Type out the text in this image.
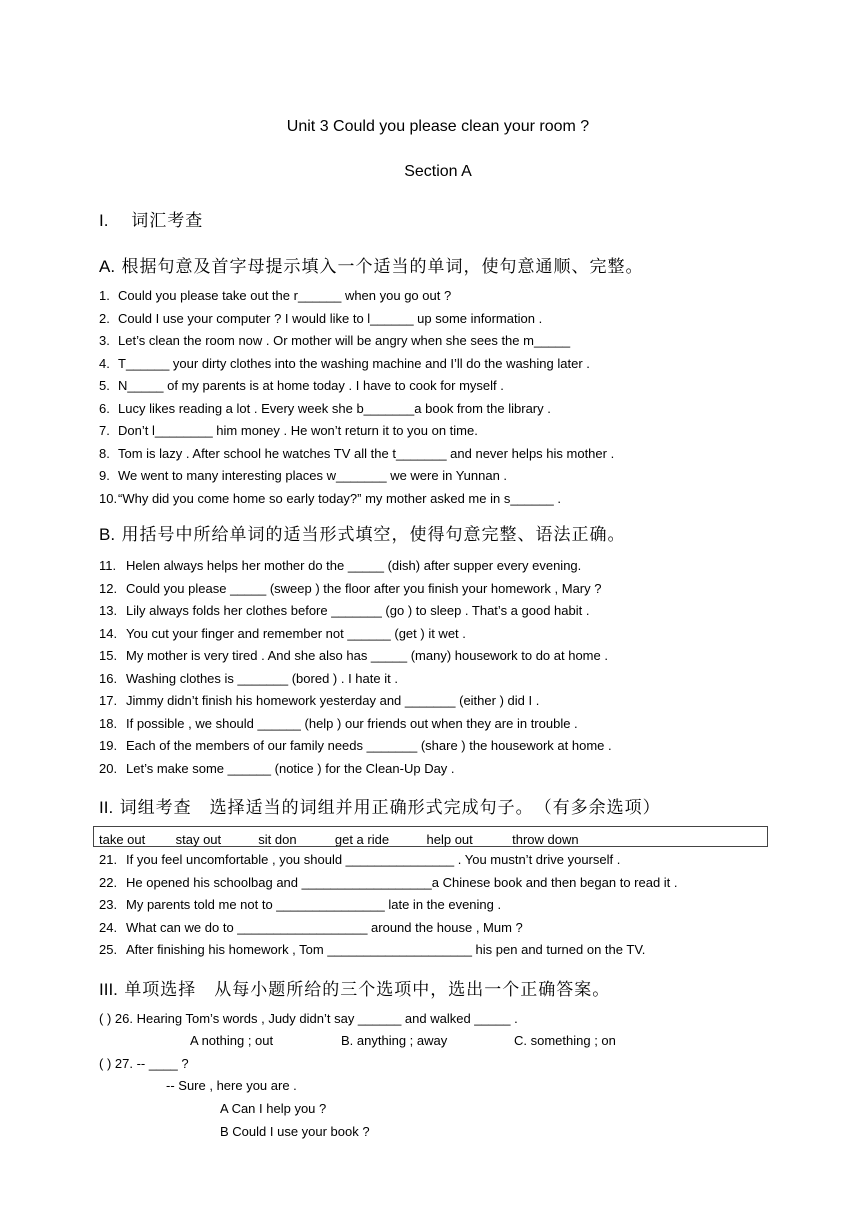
Unit 3 Could you please clean your room ?
Section A
I. 词汇考查
A. 根据句意及首字母提示填入一个适当的单词，使句意通顺、完整。
1. Could you please take out the r______ when you go out ?
2. Could I use your computer ? I would like to l______ up some information .
3. Let’s clean the room now . Or mother will be angry when she sees the m_____
4. T______ your dirty clothes into the washing machine and I’ll do the washing later .
5. N_____ of my parents is at home today . I have to cook for myself .
6. Lucy likes reading a lot . Every week she b_______a book from the library .
7. Don’t l________ him money . He won’t return it to you on time.
8. Tom is lazy . After school he watches TV all the t_______ and never helps his mother .
9. We went to many interesting places w_______ we were in Yunnan .
10.“Why did you come home so early today?” my mother asked me in s______ .
B. 用括号中所给单词的适当形式填空，使得句意完整、语法正确。
11. Helen always helps her mother do the _____ (dish) after supper every evening.
12. Could you please _____ (sweep ) the floor after you finish your homework , Mary ?
13. Lily always folds her clothes before _______ (go ) to sleep . That’s a good habit .
14. You cut your finger and remember not ______ (get ) it wet .
15. My mother is very tired . And she also has _____ (many) housework to do at home .
16. Washing clothes is _______ (bored ) . I hate it .
17. Jimmy didn’t finish his homework yesterday and _______ (either ) did I .
18. If possible , we should ______ (help ) our friends out when they are in trouble .
19. Each of the members of our family needs _______ (share ) the housework at home .
20. Let’s make some ______ (notice ) for the Clean-Up Day .
II. 词组考查　选择适当的词组并用正确形式完成句子。　（有多余选项）
take out stay out	sit don	get a ride	help out	throw down
21. If you feel uncomfortable , you should _______________ . You mustn’t drive yourself .
22. He opened his schoolbag and __________________a Chinese book and then began to read it .
23. My parents told me not to _______________ late in the evening .
24. What can we do to __________________ around the house , Mum ?
25. After finishing his homework , Tom ____________________ his pen and turned on the TV.
III. 单项选择　从每小题所给的三个选项中，选出一个正确答案。
( ) 26. Hearing Tom’s words , Judy didn’t say ______ and walked _____ .
A nothing ; out	B. anything ; away	C. something ; on
( ) 27. -- ____ ?
-- Sure , here you are .
A Can I help you ?
B Could I use your book ?
